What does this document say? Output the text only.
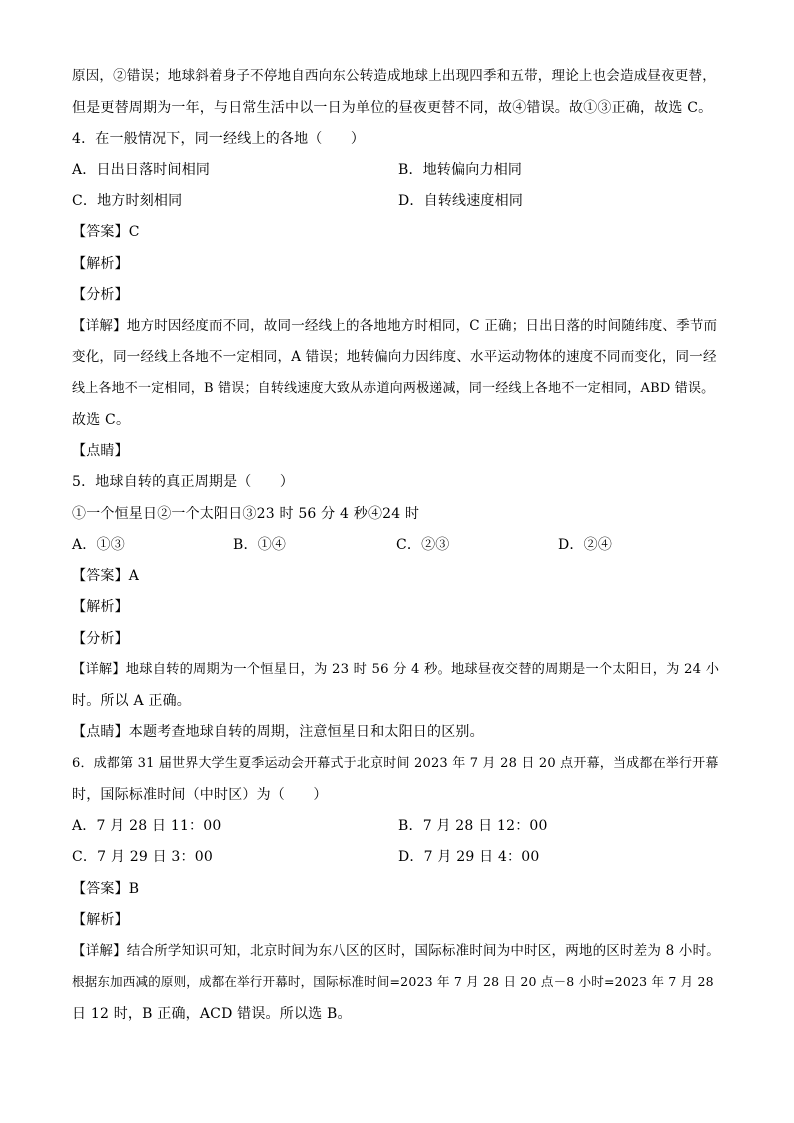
原因，②错误；地球斜着身子不停地自西向东公转造成地球上出现四季和五带，理论上也会造成昼夜更替，
但是更替周期为一年，与日常生活中以一日为单位的昼夜更替不同，故④错误。故①③正确，故选 C。
4．在一般情况下，同一经线上的各地（　　）
A．日出日落时间相同	B．地转偏向力相同
C．地方时刻相同	D．自转线速度相同
【答案】C
【解析】
【分析】
【详解】地方时因经度而不同，故同一经线上的各地地方时相同，C 正确；日出日落的时间随纬度、季节而
变化，同一经线上各地不一定相同，A 错误；地转偏向力因纬度、水平运动物体的速度不同而变化，同一经
线上各地不一定相同，B 错误；自转线速度大致从赤道向两极递减，同一经线上各地不一定相同，ABD 错误。
故选 C。
【点睛】
5．地球自转的真正周期是（　　）
①一个恒星日②一个太阳日③23 时 56 分 4 秒④24 时
A．①③	B．①④	C．②③	D．②④
【答案】A
【解析】
【分析】
【详解】地球自转的周期为一个恒星日，为 23 时 56 分 4 秒。地球昼夜交替的周期是一个太阳日，为 24 小
时。所以 A 正确。
【点睛】本题考查地球自转的周期，注意恒星日和太阳日的区别。
6．成都第 31 届世界大学生夏季运动会开幕式于北京时间 2023 年 7 月 28 日 20 点开幕，当成都在举行开幕
时，国际标准时间（中时区）为（　　）
A．7 月 28 日 11：00	B．7 月 28 日 12：00
C．7 月 29 日 3：00	D．7 月 29 日 4：00
【答案】B
【解析】
【详解】结合所学知识可知，北京时间为东八区的区时，国际标准时间为中时区，两地的区时差为 8 小时。
根据东加西减的原则，成都在举行开幕时，国际标准时间=2023 年 7 月 28 日 20 点－8 小时=2023 年 7 月 28
日 12 时，B 正确，ACD 错误。所以选 B。
